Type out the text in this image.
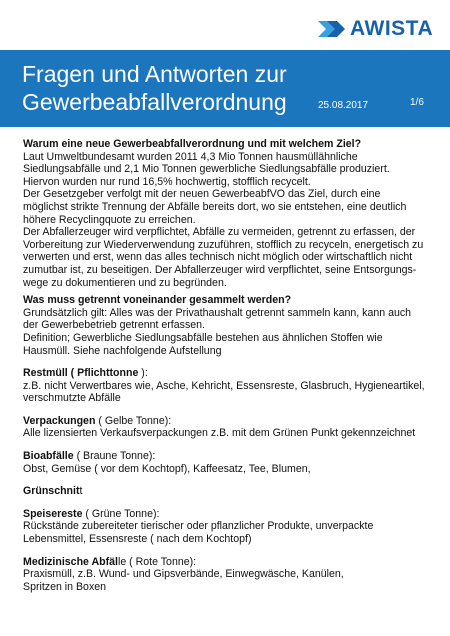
AWISTA
Fragen und Antworten zur
Gewerbeabfallverordnung	25.08.2017	1/6

Warum eine neue Gewerbeabfallverordnung und mit welchem Ziel?

Laut Umweltbundesamt wurden 2011 4,3 Mio Tonnen hausmüllähnliche

Siedlungsabfälle und 2,1 Mio Tonnen gewerbliche Siedlungsabfälle produziert.

Hiervon wurden nur rund 16,5% hochwertig, stofflich recycelt.

Der Gesetzgeber verfolgt mit der neuen GewerbeabfVO das Ziel, durch eine

möglichst strikte Trennung der Abfälle bereits dort, wo sie entstehen, eine deutlich

höhere Recyclingquote zu erreichen.

Der Abfallerzeuger wird verpflichtet, Abfälle zu vermeiden, getrennt zu erfassen, der

Vorbereitung zur Wiederverwendung zuzuführen, stofflich zu recyceln, energetisch zu

verwerten und erst, wenn das alles technisch nicht möglich oder wirtschaftlich nicht

zumutbar ist, zu beseitigen. Der Abfallerzeuger wird verpflichtet, seine Entsorgungs-

wege zu dokumentieren und zu begründen.

Was muss getrennt voneinander gesammelt werden?

Grundsätzlich gilt: Alles was der Privathaushalt getrennt sammeln kann, kann auch

der Gewerbebetrieb getrennt erfassen.

Definition; Gewerbliche Siedlungsabfälle bestehen aus ähnlichen Stoffen wie

Hausmüll. Siehe nachfolgende Aufstellung

Restmüll ( Pflichttonne ):

z.B. nicht Verwertbares wie, Asche, Kehricht, Essensreste, Glasbruch, Hygieneartikel,

verschmutzte Abfälle

Verpackungen ( Gelbe Tonne):

Alle lizensierten Verkaufsverpackungen z.B. mit dem Grünen Punkt gekennzeichnet

Bioabfälle ( Braune Tonne):

Obst, Gemüse ( vor dem Kochtopf), Kaffeesatz, Tee, Blumen,

Grünschnitt

Speisereste ( Grüne Tonne):

Rückstände zubereiteter tierischer oder pflanzlicher Produkte, unverpackte

Lebensmittel, Essensreste ( nach dem Kochtopf)

Medizinische Abfälle ( Rote Tonne):

Praxismüll, z.B. Wund- und Gipsverbände, Einwegwäsche, Kanülen,

Spritzen in Boxen
